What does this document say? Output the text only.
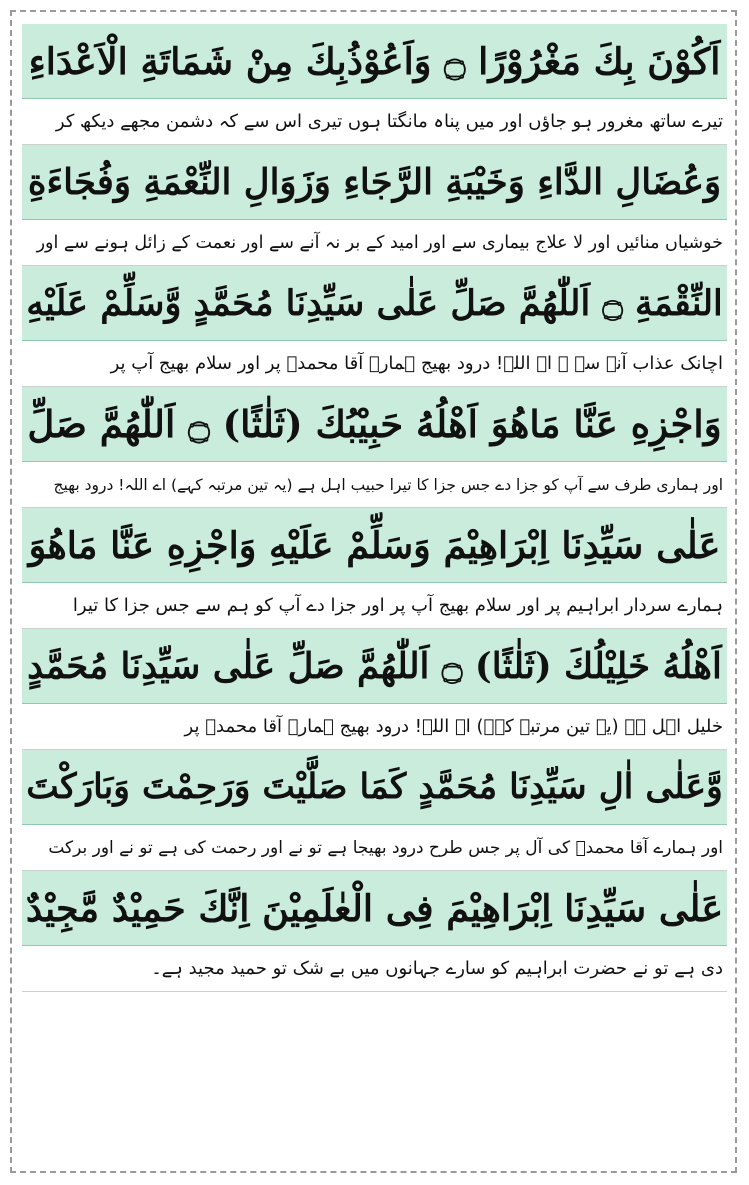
اَكُوْنَ بِكَ مَغْرُوْرًا ۝ وَاَعُوْذُبِكَ مِنْ شَمَاتَةِ الْاَعْدَاءِ
تیرے ساتھ مغرور ہو جاؤں اور میں پناہ مانگتا ہوں تیری اس سے کہ دشمن مجھے دیکھ کر
وَعُضَالِ الدَّاءِ وَخَيْبَةِ الرَّجَاءِ وَزَوَالِ النِّعْمَةِ وَفُجَاءَةِ
خوشیاں منائیں اور لا علاج بیماری سے اور امید کے بر نہ آنے سے اور نعمت کے زائل ہونے سے اور
النِّقْمَةِ ۝ اَللّٰهُمَّ صَلِّ عَلٰى سَيِّدِنَا مُحَمَّدٍ وَّسَلِّمْ عَلَيْهِ
اچانک عذاب آنے سے ۔ اے اللہ! درود بھیج ہمارے آقا محمدؐ پر اور سلام بھیج آپ پر
وَاجْزِهِ عَنَّا مَاهُوَ اَهْلُهُ حَبِيْبُكَ (ثَلٰثًا) ۝ اَللّٰهُمَّ صَلِّ
اور ہماری طرف سے آپ کو جزا دے جس جزا کا تیرا حبیب اہل ہے (یہ تین مرتبہ کہے) اے اللہ! درود بھیج
عَلٰى سَيِّدِنَا اِبْرَاهِيْمَ وَسَلِّمْ عَلَيْهِ وَاجْزِهِ عَنَّا مَاهُوَ
ہمارے سردار ابراہیم پر اور سلام بھیج آپ پر اور جزا دے آپ کو ہم سے جس جزا کا تیرا
اَهْلُهُ خَلِيْلُكَ (ثَلٰثًا) ۝ اَللّٰهُمَّ صَلِّ عَلٰى سَيِّدِنَا مُحَمَّدٍ
خلیل اہل ہے (یہ تین مرتبہ کہے) اے اللہ! درود بھیج ہمارے آقا محمدؐ پر
وَّعَلٰى اٰلِ سَيِّدِنَا مُحَمَّدٍ كَمَا صَلَّيْتَ وَرَحِمْتَ وَبَارَكْتَ
اور ہمارے آقا محمدؐ کی آل پر جس طرح درود بھیجا ہے تو نے اور رحمت کی ہے تو نے اور برکت
عَلٰى سَيِّدِنَا اِبْرَاهِيْمَ فِى الْعٰلَمِيْنَ اِنَّكَ حَمِيْدٌ مَّجِيْدٌ
دی ہے تو نے حضرت ابراہیم کو سارے جہانوں میں بے شک تو حمید مجید ہے۔
